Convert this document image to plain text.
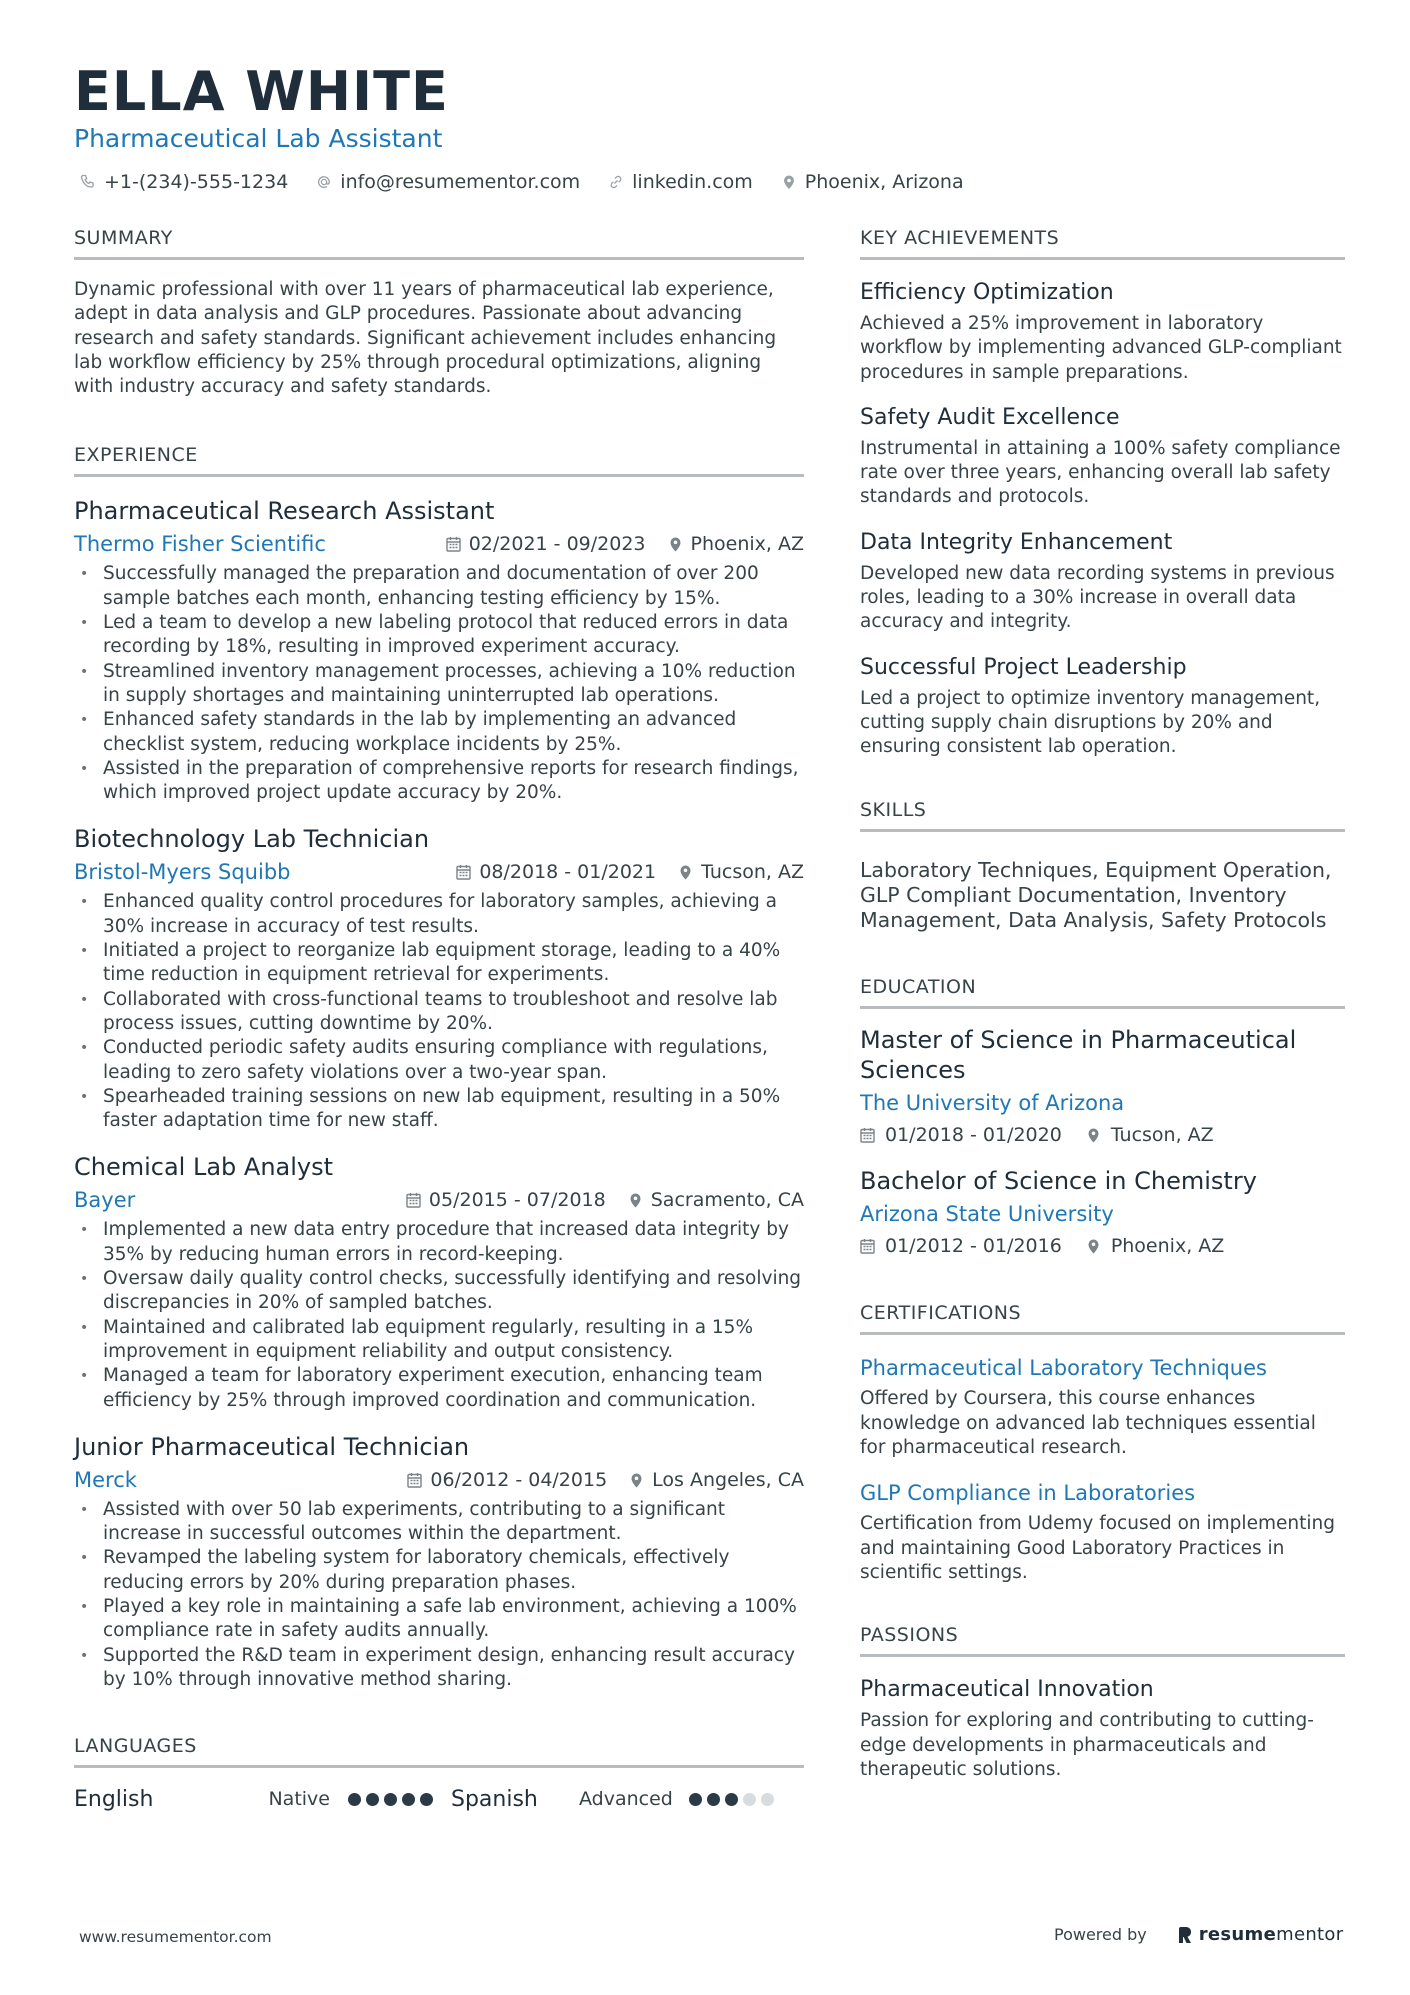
ELLA WHITE
Pharmaceutical Lab Assistant
+1-(234)-555-1234	info@resumementor.com	linkedin.com	Phoenix, Arizona
SUMMARY
Dynamic professional with over 11 years of pharmaceutical lab experience, adept in data analysis and GLP procedures. Passionate about advancing research and safety standards. Significant achievement includes enhancing lab workflow efficiency by 25% through procedural optimizations, aligning with industry accuracy and safety standards.
EXPERIENCE
Pharmaceutical Research Assistant
Thermo Fisher Scientific	02/2021 - 09/2023 Phoenix, AZ
• Successfully managed the preparation and documentation of over 200 sample batches each month, enhancing testing efficiency by 15%.
• Led a team to develop a new labeling protocol that reduced errors in data recording by 18%, resulting in improved experiment accuracy.
• Streamlined inventory management processes, achieving a 10% reduction in supply shortages and maintaining uninterrupted lab operations.
• Enhanced safety standards in the lab by implementing an advanced checklist system, reducing workplace incidents by 25%.
• Assisted in the preparation of comprehensive reports for research findings, which improved project update accuracy by 20%.
Biotechnology Lab Technician
Bristol-Myers Squibb	08/2018 - 01/2021 Tucson, AZ
• Enhanced quality control procedures for laboratory samples, achieving a 30% increase in accuracy of test results.
• Initiated a project to reorganize lab equipment storage, leading to a 40% time reduction in equipment retrieval for experiments.
• Collaborated with cross-functional teams to troubleshoot and resolve lab process issues, cutting downtime by 20%.
• Conducted periodic safety audits ensuring compliance with regulations, leading to zero safety violations over a two-year span.
• Spearheaded training sessions on new lab equipment, resulting in a 50% faster adaptation time for new staff.
Chemical Lab Analyst
Bayer	05/2015 - 07/2018 Sacramento, CA
• Implemented a new data entry procedure that increased data integrity by 35% by reducing human errors in record-keeping.
• Oversaw daily quality control checks, successfully identifying and resolving discrepancies in 20% of sampled batches.
• Maintained and calibrated lab equipment regularly, resulting in a 15% improvement in equipment reliability and output consistency.
• Managed a team for laboratory experiment execution, enhancing team efficiency by 25% through improved coordination and communication.
Junior Pharmaceutical Technician
Merck	06/2012 - 04/2015 Los Angeles, CA
• Assisted with over 50 lab experiments, contributing to a significant increase in successful outcomes within the department.
• Revamped the labeling system for laboratory chemicals, effectively reducing errors by 20% during preparation phases.
• Played a key role in maintaining a safe lab environment, achieving a 100% compliance rate in safety audits annually.
• Supported the R&D team in experiment design, enhancing result accuracy by 10% through innovative method sharing.
LANGUAGES
English	Native	Spanish	Advanced
KEY ACHIEVEMENTS
Efficiency Optimization
Achieved a 25% improvement in laboratory workflow by implementing advanced GLP-compliant procedures in sample preparations.
Safety Audit Excellence
Instrumental in attaining a 100% safety compliance rate over three years, enhancing overall lab safety standards and protocols.
Data Integrity Enhancement
Developed new data recording systems in previous roles, leading to a 30% increase in overall data accuracy and integrity.
Successful Project Leadership
Led a project to optimize inventory management, cutting supply chain disruptions by 20% and ensuring consistent lab operation.
SKILLS
Laboratory Techniques, Equipment Operation, GLP Compliant Documentation, Inventory Management, Data Analysis, Safety Protocols
EDUCATION
Master of Science in Pharmaceutical Sciences
The University of Arizona
01/2018 - 01/2020	Tucson, AZ
Bachelor of Science in Chemistry
Arizona State University
01/2012 - 01/2016	Phoenix, AZ
CERTIFICATIONS
Pharmaceutical Laboratory Techniques
Offered by Coursera, this course enhances knowledge on advanced lab techniques essential for pharmaceutical research.
GLP Compliance in Laboratories
Certification from Udemy focused on implementing and maintaining Good Laboratory Practices in scientific settings.
PASSIONS
Pharmaceutical Innovation
Passion for exploring and contributing to cutting-edge developments in pharmaceuticals and therapeutic solutions.
www.resumementor.com	Powered by	resume mentor
